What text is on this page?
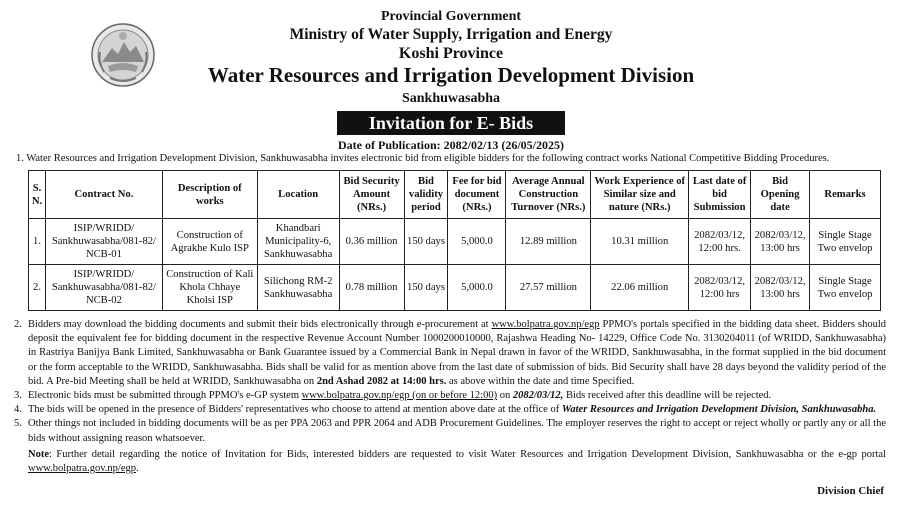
Provincial Government
Ministry of Water Supply, Irrigation and Energy
Koshi Province
Water Resources and Irrigation Development Division
Sankhuwasabha
Invitation for E- Bids
Date of Publication: 2082/02/13 (26/05/2025)
1. Water Resources and Irrigation Development Division, Sankhuwasabha invites electronic bid from eligible bidders for the following contract works National Competitive Bidding Procedures.
S. N.	Contract No.	Description of works	Location	Bid Security Amount (NRs.)	Bid validity period	Fee for bid document (NRs.)	Average Annual Construction Turnover (NRs.)	Work Experience of Similar size and nature (NRs.)	Last date of bid Submission	Bid Opening date	Remarks
1.	ISIP/WRIDD/ Sankhuwasabha/081-82/ NCB-01	Construction of Agrakhe Kulo ISP	Khandbari Municipality-6, Sankhuwasabha	0.36 million	150 days	5,000.0	12.89 million	10.31 million	2082/03/12, 12:00 hrs.	2082/03/12, 13:00 hrs	Single Stage Two envelop
2.	ISIP/WRIDD/ Sankhuwasabha/081-82/ NCB-02	Construction of Kali Khola Chhaye Kholsi ISP	Silichong RM-2 Sankhuwasabha	0.78 million	150 days	5,000.0	27.57 million	22.06 million	2082/03/12, 12:00 hrs	2082/03/12, 13:00 hrs	Single Stage Two envelop
2. Bidders may download the bidding documents and submit their bids electronically through e-procurement at www.bolpatra.gov.np/egp PPMO's portals specified in the bidding data sheet. Bidders should deposit the equivalent fee for bidding document in the respective Revenue Account Number 1000200010000, Rajashwa Heading No- 14229, Office Code No. 3130204011 (of WRIDD, Sankhuwasabha) in Rastriya Banijya Bank Limited, Sankhuwasabha or Bank Guarantee issued by a Commercial Bank in Nepal drawn in favor of the WRIDD, Sankhuwasabha, in the format supplied in the bid document or the form acceptable to the WRIDD, Sankhuwasabha. Bids shall be valid for as mention above from the last date of submission of bids. Bid Security shall have 28 days beyond the validity period of the bid. A Pre-bid Meeting shall be held at WRIDD, Sankhuwasabha on 2nd Ashad 2082 at 14:00 hrs. as above within the date and time Specified.
3. Electronic bids must be submitted through PPMO's e-GP system www.bolpatra.gov.np/egp (on or before 12:00) on 2082/03/12, Bids received after this deadline will be rejected.
4. The bids will be opened in the presence of Bidders' representatives who choose to attend at mention above date at the office of Water Resources and Irrigation Development Division, Sankhuwasabha.
5. Other things not included in bidding documents will be as per PPA 2063 and PPR 2064 and ADB Procurement Guidelines. The employer reserves the right to accept or reject wholly or partly any or all the bids without assigning reason whatsoever.
Note: Further detail regarding the notice of Invitation for Bids, interested bidders are requested to visit Water Resources and Irrigation Development Division, Sankhuwasabha or the e-gp portal www.bolpatra.gov.np/egp.
Division Chief
